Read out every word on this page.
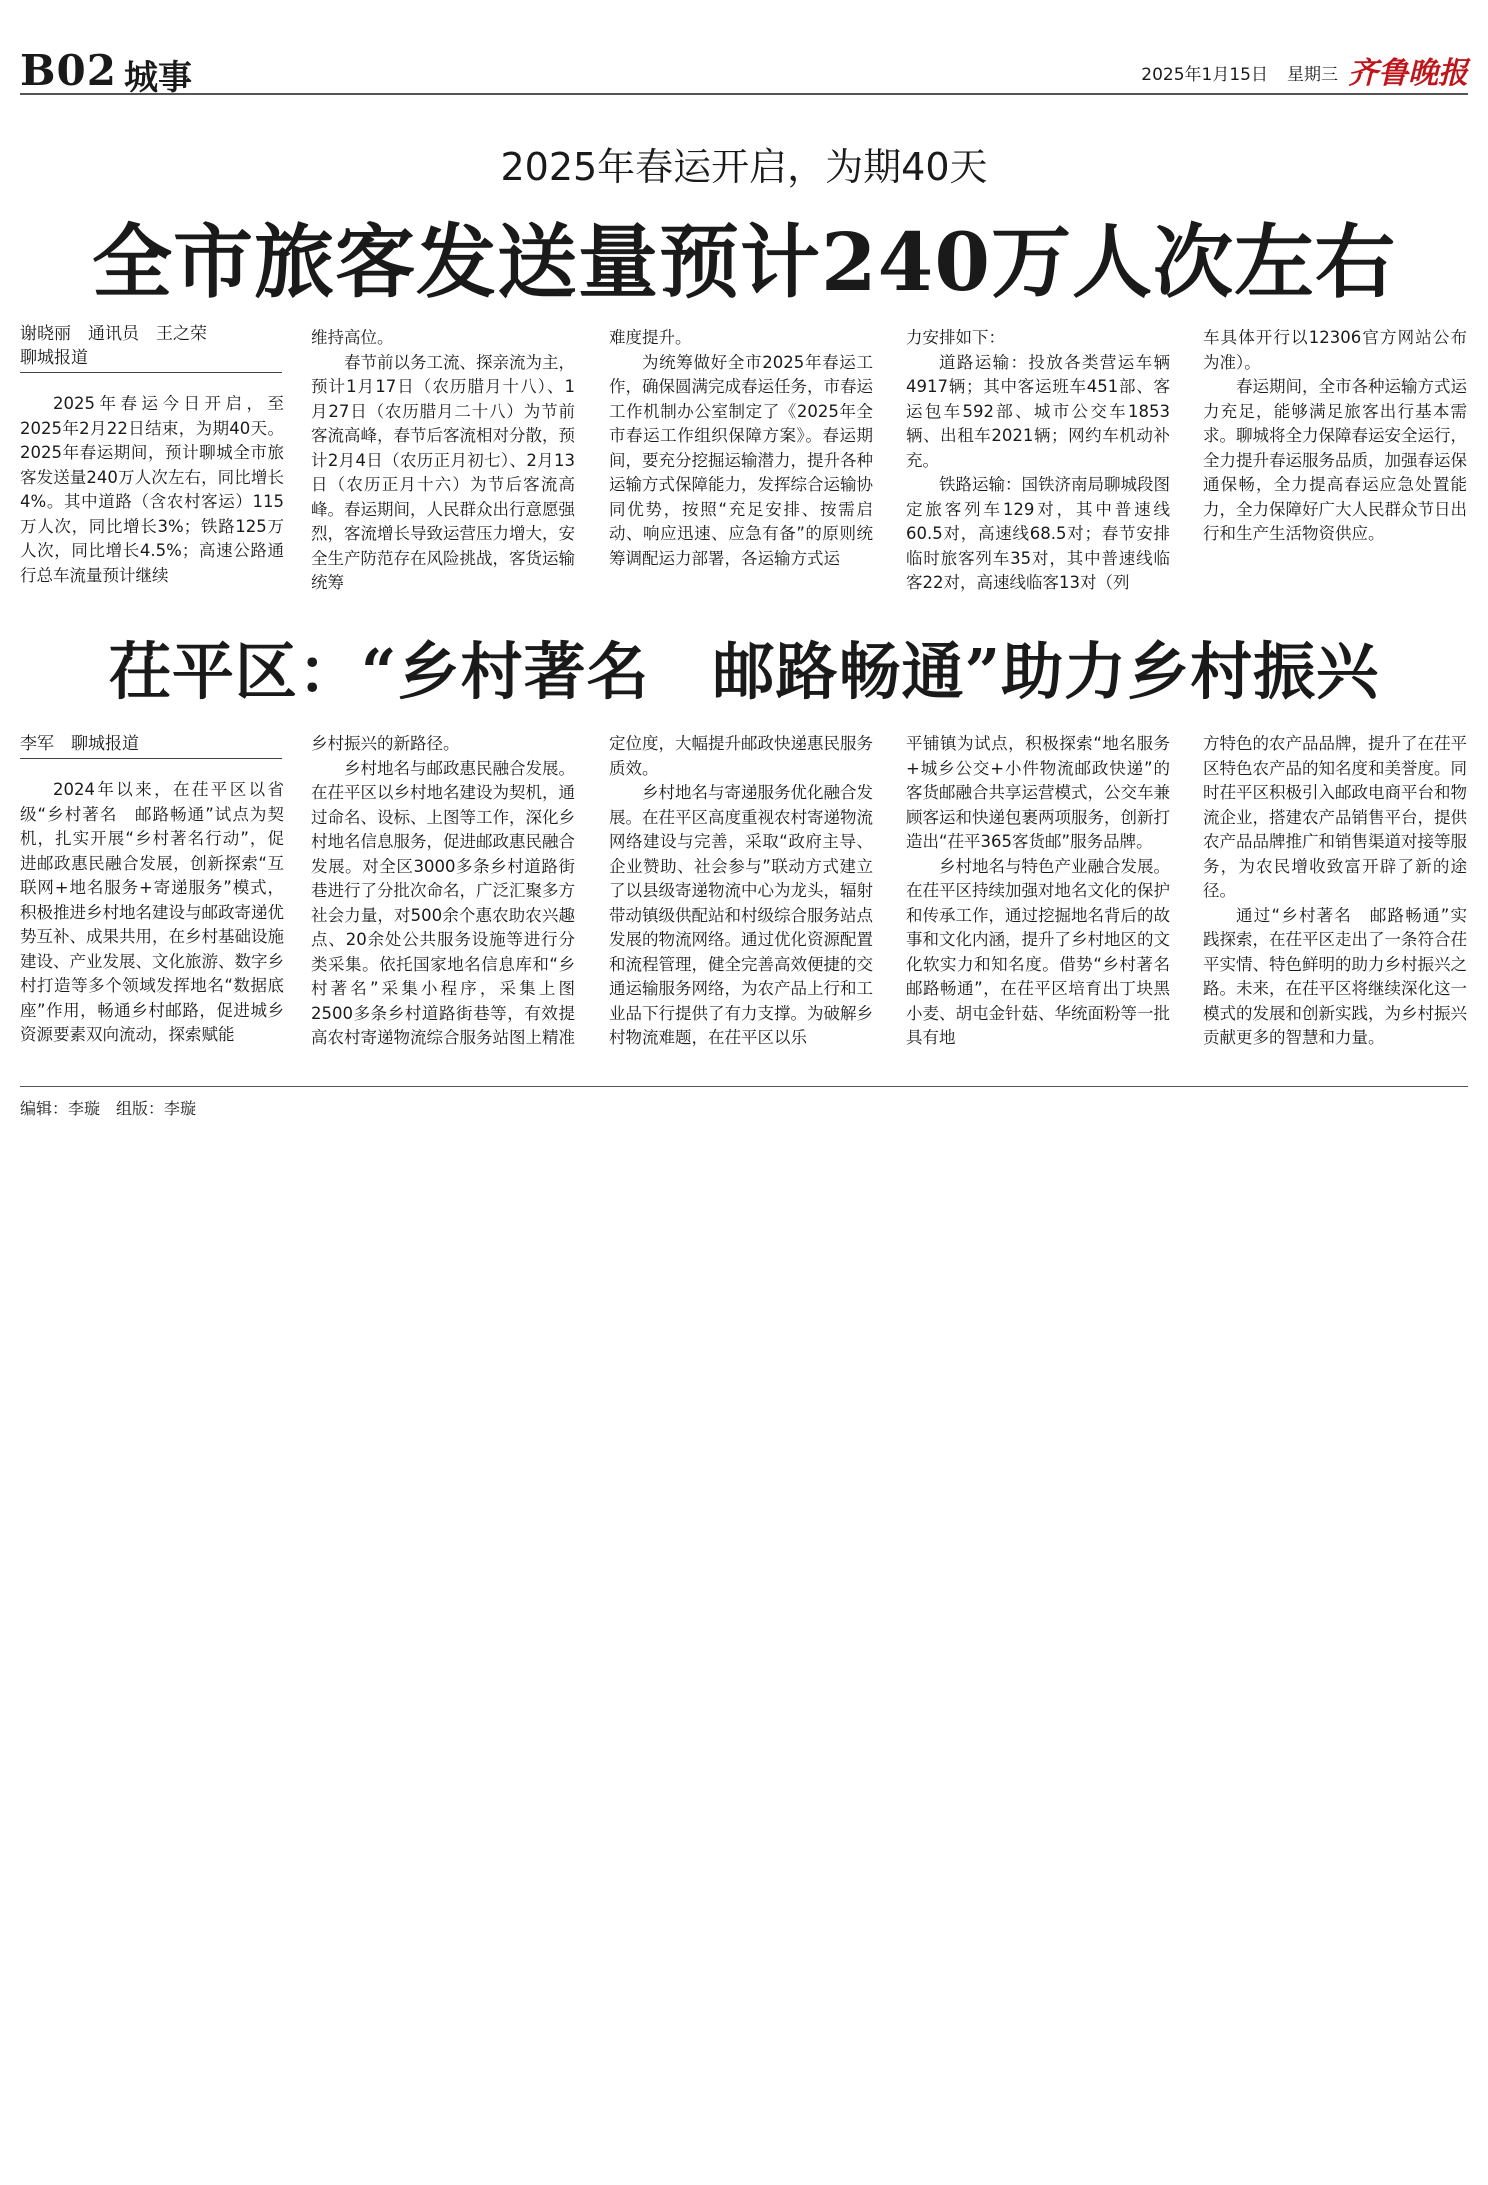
B02 城事	2025年1月15日 星期三 齐鲁晚报
2025年春运开启，为期40天
全市旅客发送量预计240万人次左右
谢晓丽　通讯员　王之荣
聊城报道

2025年春运今日开启，至2025年2月22日结束，为期40天。2025年春运期间，预计聊城全市旅客发送量240万人次左右，同比增长4%。其中道路（含农村客运）115万人次，同比增长3%；铁路125万人次，同比增长4.5%；高速公路通行总车流量预计继续

维持高位。

春节前以务工流、探亲流为主，预计1月17日（农历腊月十八）、1月27日（农历腊月二十八）为节前客流高峰，春节后客流相对分散，预计2月4日（农历正月初七）、2月13日（农历正月十六）为节后客流高峰。春运期间，人民群众出行意愿强烈，客流增长导致运营压力增大，安全生产防范存在风险挑战，客货运输统筹

难度提升。

为统筹做好全市2025年春运工作，确保圆满完成春运任务，市春运工作机制办公室制定了《2025年全市春运工作组织保障方案》。春运期间，要充分挖掘运输潜力，提升各种运输方式保障能力，发挥综合运输协同优势，按照“充足安排、按需启动、响应迅速、应急有备”的原则统筹调配运力部署，各运输方式运

力安排如下：

道路运输：投放各类营运车辆4917辆；其中客运班车451部、客运包车592部、城市公交车1853辆、出租车2021辆；网约车机动补充。

铁路运输：国铁济南局聊城段图定旅客列车129对，其中普速线60.5对，高速线68.5对；春节安排临时旅客列车35对，其中普速线临客22对，高速线临客13对（列

车具体开行以12306官方网站公布为准）。

春运期间，全市各种运输方式运力充足，能够满足旅客出行基本需求。聊城将全力保障春运安全运行，全力提升春运服务品质，加强春运保通保畅，全力提高春运应急处置能力，全力保障好广大人民群众节日出行和生产生活物资供应。

茌平区：“乡村著名　邮路畅通”助力乡村振兴
李军　聊城报道

2024年以来，在茌平区以省级“乡村著名　邮路畅通”试点为契机，扎实开展“乡村著名行动”，促进邮政惠民融合发展，创新探索“互联网+地名服务+寄递服务”模式，积极推进乡村地名建设与邮政寄递优势互补、成果共用，在乡村基础设施建设、产业发展、文化旅游、数字乡村打造等多个领域发挥地名“数据底座”作用，畅通乡村邮路，促进城乡资源要素双向流动，探索赋能

乡村振兴的新路径。

乡村地名与邮政惠民融合发展。在茌平区以乡村地名建设为契机，通过命名、设标、上图等工作，深化乡村地名信息服务，促进邮政惠民融合发展。对全区3000多条乡村道路街巷进行了分批次命名，广泛汇聚多方社会力量，对500余个惠农助农兴趣点、20余处公共服务设施等进行分类采集。依托国家地名信息库和“乡村著名”采集小程序，采集上图2500多条乡村道路街巷等，有效提高农村寄递物流综合服务站图上精准

定位度，大幅提升邮政快递惠民服务质效。

乡村地名与寄递服务优化融合发展。在茌平区高度重视农村寄递物流网络建设与完善，采取“政府主导、企业赞助、社会参与”联动方式建立了以县级寄递物流中心为龙头，辐射带动镇级供配站和村级综合服务站点发展的物流网络。通过优化资源配置和流程管理，健全完善高效便捷的交通运输服务网络，为农产品上行和工业品下行提供了有力支撑。为破解乡村物流难题，在茌平区以乐

平铺镇为试点，积极探索“地名服务+城乡公交+小件物流邮政快递”的客货邮融合共享运营模式，公交车兼顾客运和快递包裹两项服务，创新打造出“茌平365客货邮”服务品牌。

乡村地名与特色产业融合发展。在茌平区持续加强对地名文化的保护和传承工作，通过挖掘地名背后的故事和文化内涵，提升了乡村地区的文化软实力和知名度。借势“乡村著名　邮路畅通”，在茌平区培育出丁块黑小麦、胡屯金针菇、华统面粉等一批具有地

方特色的农产品品牌，提升了在茌平区特色农产品的知名度和美誉度。同时茌平区积极引入邮政电商平台和物流企业，搭建农产品销售平台，提供农产品品牌推广和销售渠道对接等服务，为农民增收致富开辟了新的途径。

通过“乡村著名　邮路畅通”实践探索，在茌平区走出了一条符合茌平实情、特色鲜明的助力乡村振兴之路。未来，在茌平区将继续深化这一模式的发展和创新实践，为乡村振兴贡献更多的智慧和力量。

编辑：李璇　组版：李璇
